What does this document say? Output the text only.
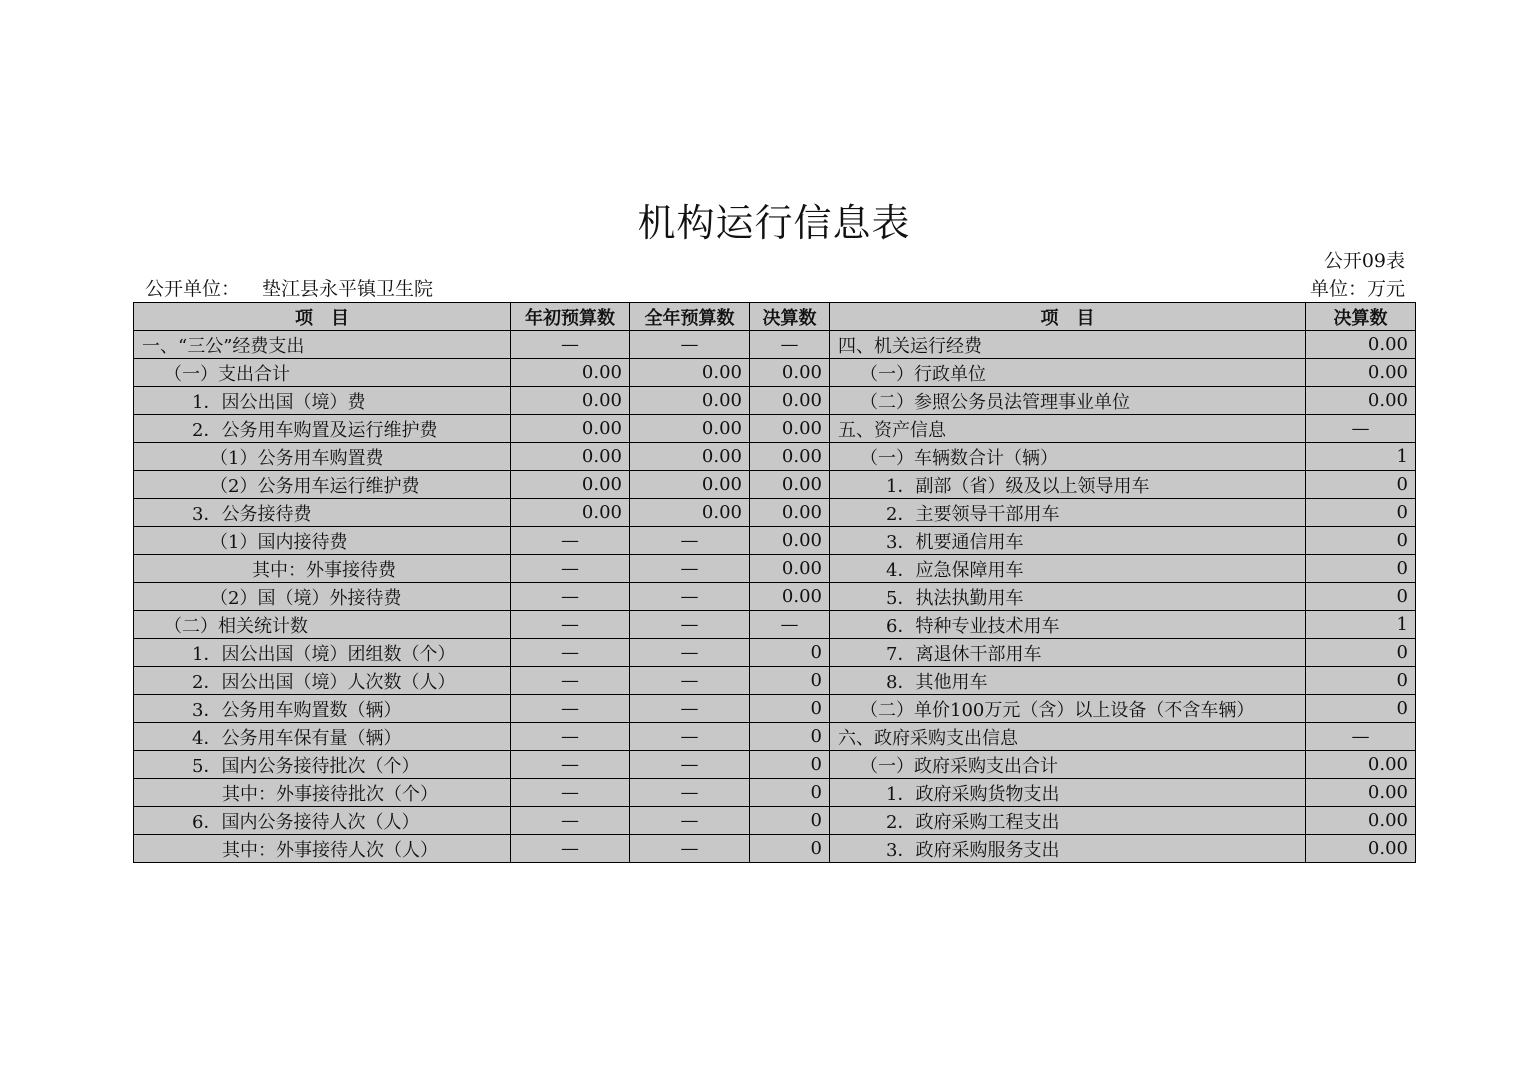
机构运行信息表
公开09表
公开单位： 垫江县永平镇卫生院	单位：万元
项　目	年初预算数	全年预算数	决算数	项　目	决算数
一、“三公”经费支出	—	—	—	四、机关运行经费	0.00
（一）支出合计	0.00	0.00	0.00	（一）行政单位	0.00
1．因公出国（境）费	0.00	0.00	0.00	（二）参照公务员法管理事业单位	0.00
2．公务用车购置及运行维护费	0.00	0.00	0.00	五、资产信息	—
（1）公务用车购置费	0.00	0.00	0.00	（一）车辆数合计（辆）	1
（2）公务用车运行维护费	0.00	0.00	0.00	1．副部（省）级及以上领导用车	0
3．公务接待费	0.00	0.00	0.00	2．主要领导干部用车	0
（1）国内接待费	—	—	0.00	3．机要通信用车	0
其中：外事接待费	—	—	0.00	4．应急保障用车	0
（2）国（境）外接待费	—	—	0.00	5．执法执勤用车	0
（二）相关统计数	—	—	—	6．特种专业技术用车	1
1．因公出国（境）团组数（个）	—	—	0	7．离退休干部用车	0
2．因公出国（境）人次数（人）	—	—	0	8．其他用车	0
3．公务用车购置数（辆）	—	—	0	（二）单价100万元（含）以上设备（不含车辆）	0
4．公务用车保有量（辆）	—	—	0	六、政府采购支出信息	—
5．国内公务接待批次（个）	—	—	0	（一）政府采购支出合计	0.00
其中：外事接待批次（个）	—	—	0	1．政府采购货物支出	0.00
6．国内公务接待人次（人）	—	—	0	2．政府采购工程支出	0.00
其中：外事接待人次（人）	—	—	0	3．政府采购服务支出	0.00
